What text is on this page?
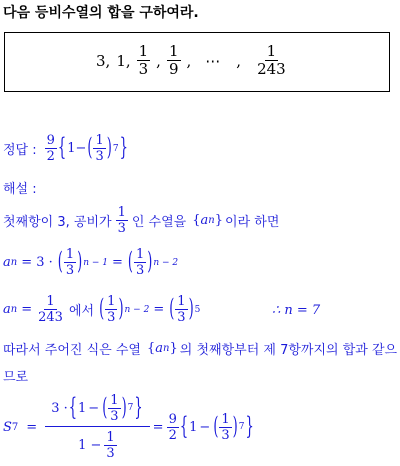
다음 등비수열의 합을 구하여라.
3, 1, $\frac{1}{3}$ , $\frac{1}{9}$ , ⋯ , $\frac{1}{243}$
정답 : $\frac{9}{2}$ { 1 − ( $\frac{1}{3}$ ) 7 }
해설 :
첫째항이 3, 공비가 $\frac{1}{3}$ 인 수열을 { a n } 이라 하면
a n = 3 · ( $\frac{1}{3}$ ) n − 1 = ( $\frac{1}{3}$ ) n − 2
a $n = \frac{1}{243}$ 에서 ( $\frac{1}{3}$ ) n − 2 = ( $\frac{1}{3}$ ) 5	∴ n = 7
따라서 주어진 식은 수열 { a n } 의 첫째항부터 제 7항까지의 합과 같으
므로
S $7 = \frac{3 \cdot \{ 1 - ( \frac{1}{3} ) 7 \}}{1 - \frac{1}{3}} = \frac{9}{2}$ { 1 − ( $\frac{1}{3}$ ) 7 }
